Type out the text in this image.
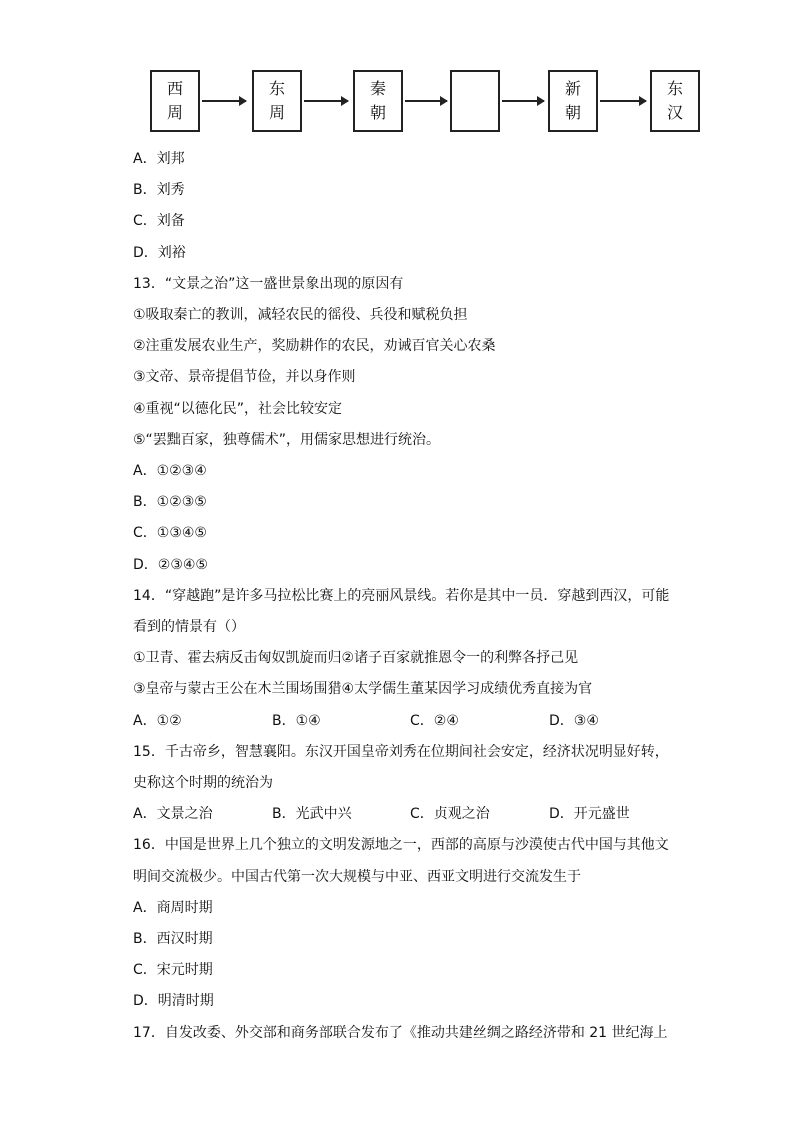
西
周
东
周
秦
朝
新
朝
东
汉
A．刘邦
B．刘秀
C．刘备
D．刘裕
13．“文景之治”这一盛世景象出现的原因有
①吸取秦亡的教训，减轻农民的徭役、兵役和赋税负担
②注重发展农业生产，奖励耕作的农民，劝诫百官关心农桑
③文帝、景帝提倡节俭，并以身作则
④重视“以德化民”，社会比较安定
⑤“罢黜百家，独尊儒术”，用儒家思想进行统治。
A．①②③④
B．①②③⑤
C．①③④⑤
D．②③④⑤
14．“穿越跑”是许多马拉松比赛上的亮丽风景线。若你是其中一员．穿越到西汉，可能
看到的情景有（）
①卫青、霍去病反击匈奴凯旋而归②诸子百家就推恩令一的利弊各抒己见
③皇帝与蒙古王公在木兰围场围猎④太学儒生董某因学习成绩优秀直接为官
A．①②	B．①④	C．②④	D．③④
15．千古帝乡，智慧襄阳。东汉开国皇帝刘秀在位期间社会安定，经济状况明显好转，
史称这个时期的统治为
A．文景之治	B．光武中兴	C．贞观之治	D．开元盛世
16．中国是世界上几个独立的文明发源地之一，西部的高原与沙漠使古代中国与其他文
明间交流极少。中国古代第一次大规模与中亚、西亚文明进行交流发生于
A．商周时期
B．西汉时期
C．宋元时期
D．明清时期
17．自发改委、外交部和商务部联合发布了《推动共建丝绸之路经济带和 21 世纪海上
